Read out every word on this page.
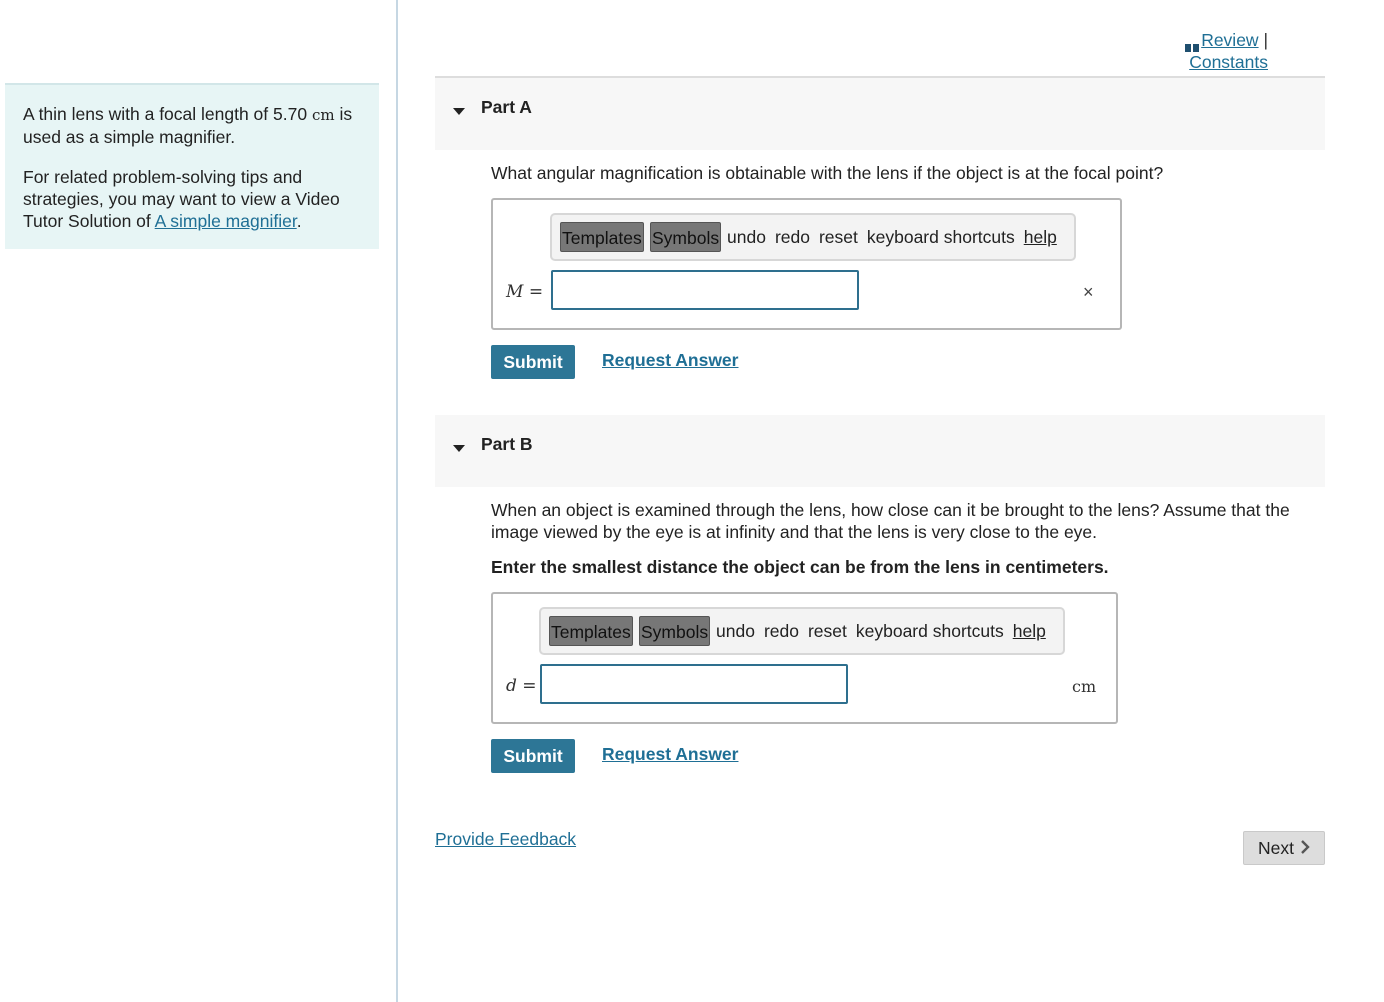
A thin lens with a focal length of 5.70 cm is used as a simple magnifier.

For related problem-solving tips and strategies, you may want to view a Video Tutor Solution of A simple magnifier.

Review |
Constants
Part A
What angular magnification is obtainable with the lens if the object is at the focal point?
Templates Symbols undo redo reset keyboard shortcuts help
M =	×
Submit	Request Answer
Part B
When an object is examined through the lens, how close can it be brought to the lens? Assume that the image viewed by the eye is at infinity and that the lens is very close to the eye.
Enter the smallest distance the object can be from the lens in centimeters.
Templates Symbols undo redo reset keyboard shortcuts help
d =	cm
Submit	Request Answer
Provide Feedback	Next
